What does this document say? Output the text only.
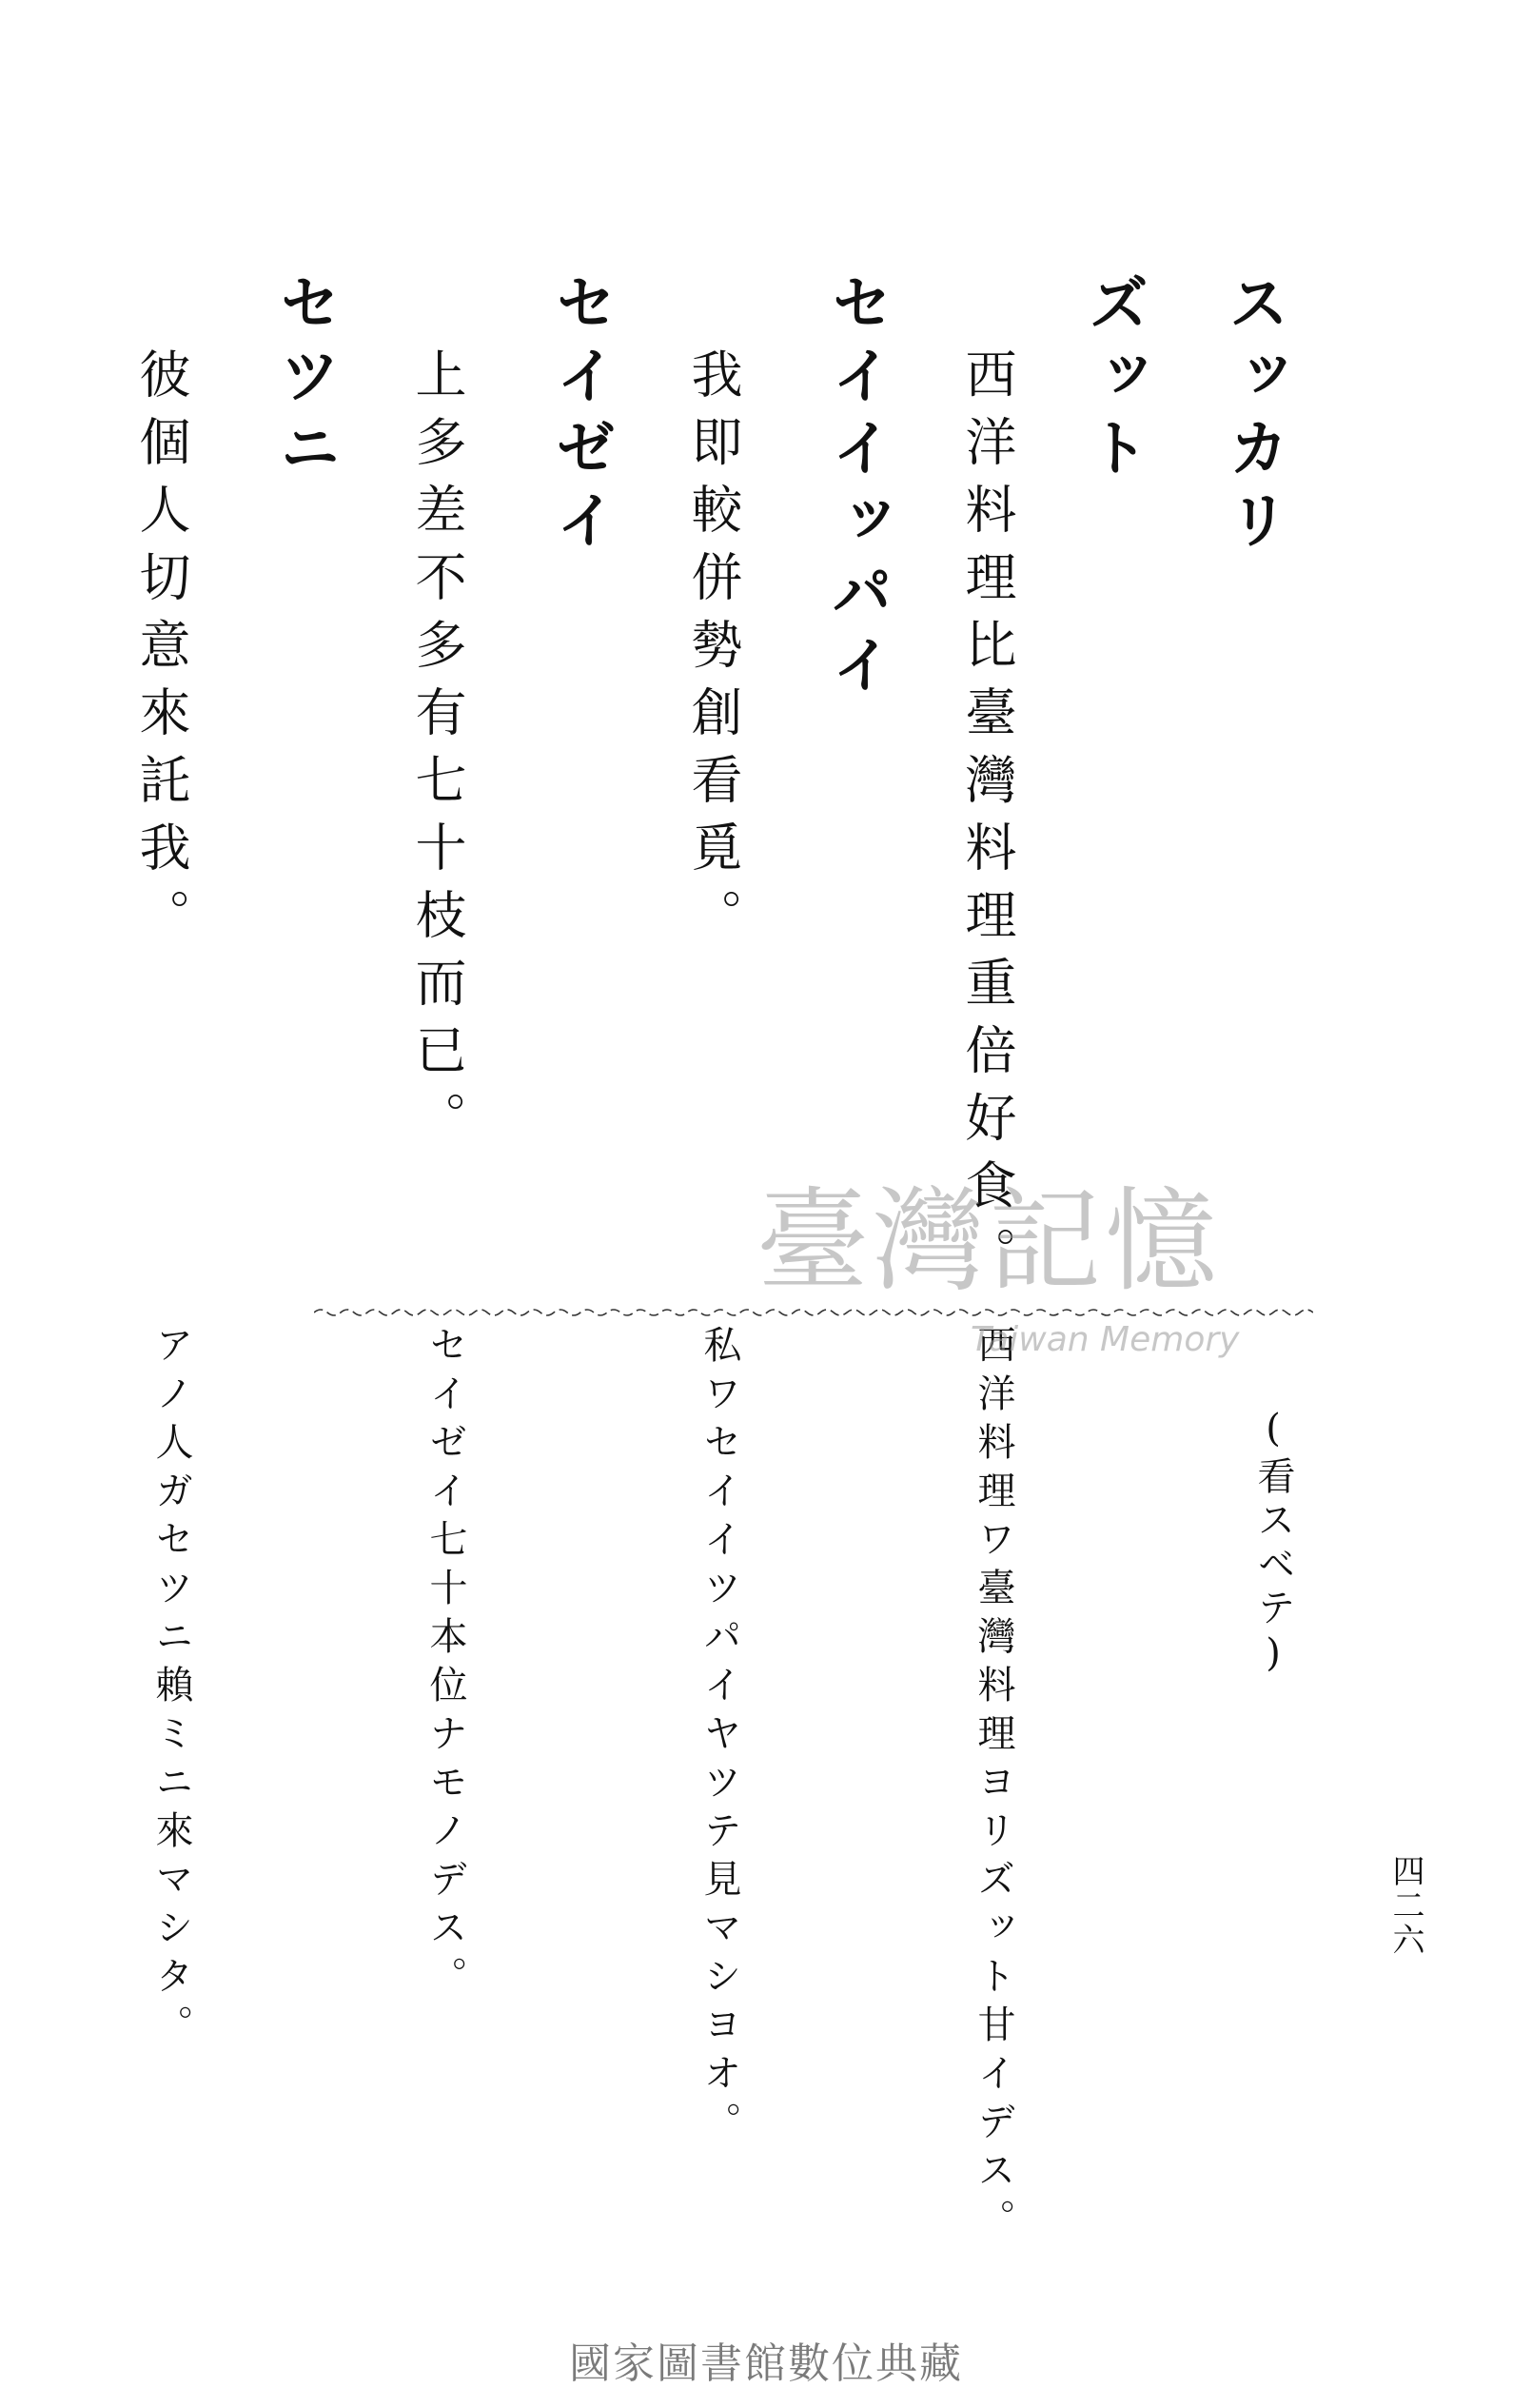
スッカリ
ズット
セイイッパイ
セイゼイ
セツニ	西洋料理比臺灣料理重倍好食。
我即較併勢創看覓。
上多差不多有七十枝而已。
彼個人切意來託我。
(看スベテ)
西洋料理ワ臺灣料理ヨリズット甘イデス。
私ワセイイツパイヤツテ見マシヨオ。
セイゼイ七十本位ナモノデス。
アノ人ガセツニ賴ミニ來マシタ。	四二六
臺灣記憶
Taiwan Memory
國家圖書館數位典藏
